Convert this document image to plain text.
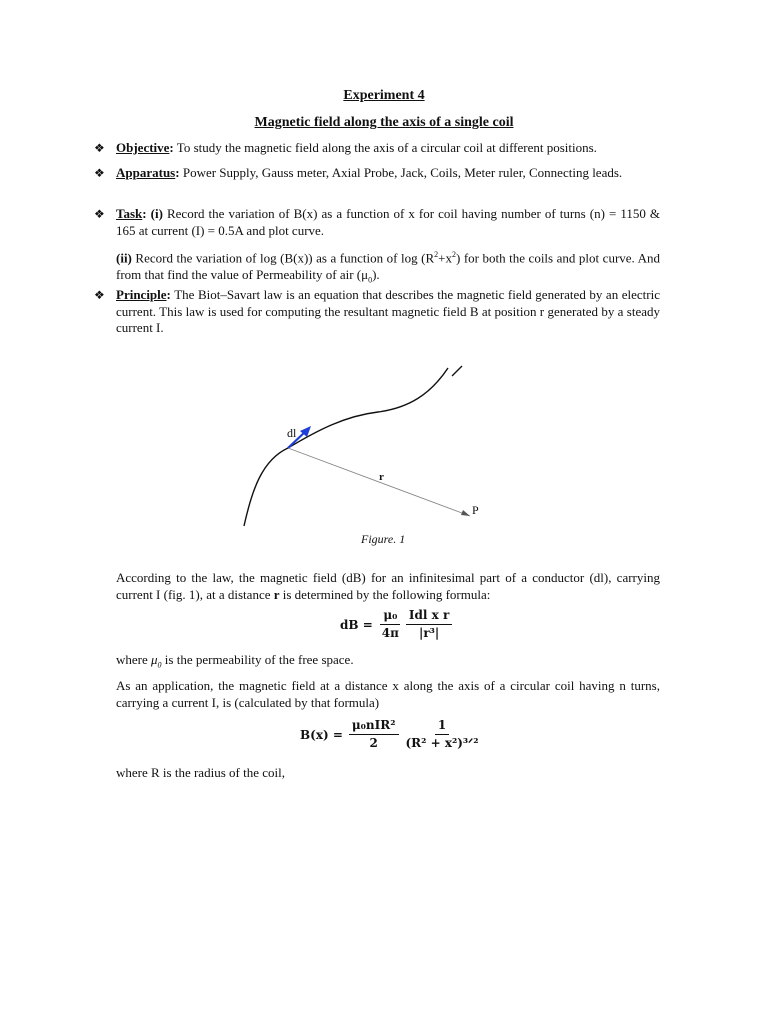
Experiment 4
Magnetic field along the axis of a single coil
❖ Objective: To study the magnetic field along the axis of a circular coil at different positions.
❖ Apparatus: Power Supply, Gauss meter, Axial Probe, Jack, Coils, Meter ruler, Connecting leads.
❖ Task: (i) Record the variation of B(x) as a function of x for coil having number of turns (n) = 1150 & 165 at current (I) = 0.5A and plot curve.
(ii) Record the variation of log (B(x)) as a function of $\log (R^2+x^2)$ for both the coils and plot curve. And from that find the value of Permeability of air $(\mu_0)$.
❖ Principle: The Biot–Savart law is an equation that describes the magnetic field generated by an electric current. This law is used for computing the resultant magnetic field B at position r generated by a steady current I.
dl
r
P
Figure. 1
According to the law, the magnetic field (dB) for an infinitesimal part of a conductor (dl), carrying current I (fig. 1), at a distance r is determined by the following formula:
dB = $\frac{\text{μ₀}}{4\pi} \frac{\text{Idl x r}}{\text{|r³|}}$
where $\mu_0$ is the permeability of the free space.
As an application, the magnetic field at a distance x along the axis of a circular coil having n turns, carrying a current I, is (calculated by that formula)
$B(x) = \frac{\text{μ₀nIR²}}{2} \frac{1}{\text{(R² + x²)³ᐟ²}}$
where R is the radius of the coil,
